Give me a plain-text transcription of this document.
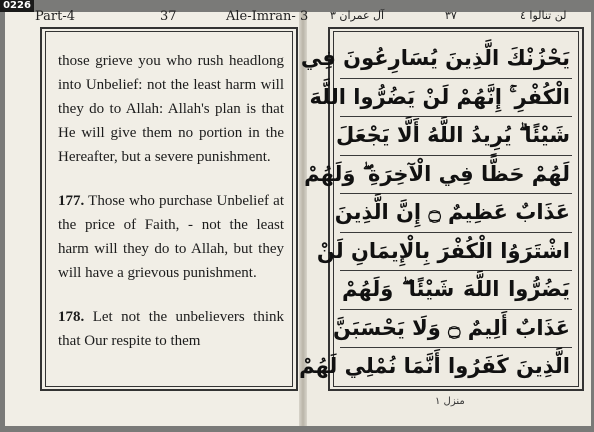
0226
Part-4	37	Ale-Imran- 3

those grieve you who rush headlong into Unbelief: not the least harm will they do to Allah: Allah's plan is that He will give them no portion in the Hereafter, but a severe punishment.

177. Those who purchase Unbelief at the price of Faith, - not the least harm will they do to Allah, but they will have a grievous punishment.

178. Let not the unbelievers think that Our respite to them

آل عمران ٣	٣٧	لن تنالوا ٤
يَحْزُنْكَ الَّذِينَ يُسَارِعُونَ فِي
الْكُفْرِ ۚ إِنَّهُمْ لَنْ يَضُرُّوا اللَّهَ
شَيْئًا ۗ يُرِيدُ اللَّهُ أَلَّا يَجْعَلَ
لَهُمْ حَظًّا فِي الْآخِرَةِ ۖ وَلَهُمْ
عَذَابٌ عَظِيمٌ ۝ إِنَّ الَّذِينَ
اشْتَرَوُا الْكُفْرَ بِالْإِيمَانِ لَنْ
يَضُرُّوا اللَّهَ شَيْئًا ۖ وَلَهُمْ
عَذَابٌ أَلِيمٌ ۝ وَلَا يَحْسَبَنَّ
الَّذِينَ كَفَرُوا أَنَّمَا نُمْلِي لَهُمْ
منزل ١
